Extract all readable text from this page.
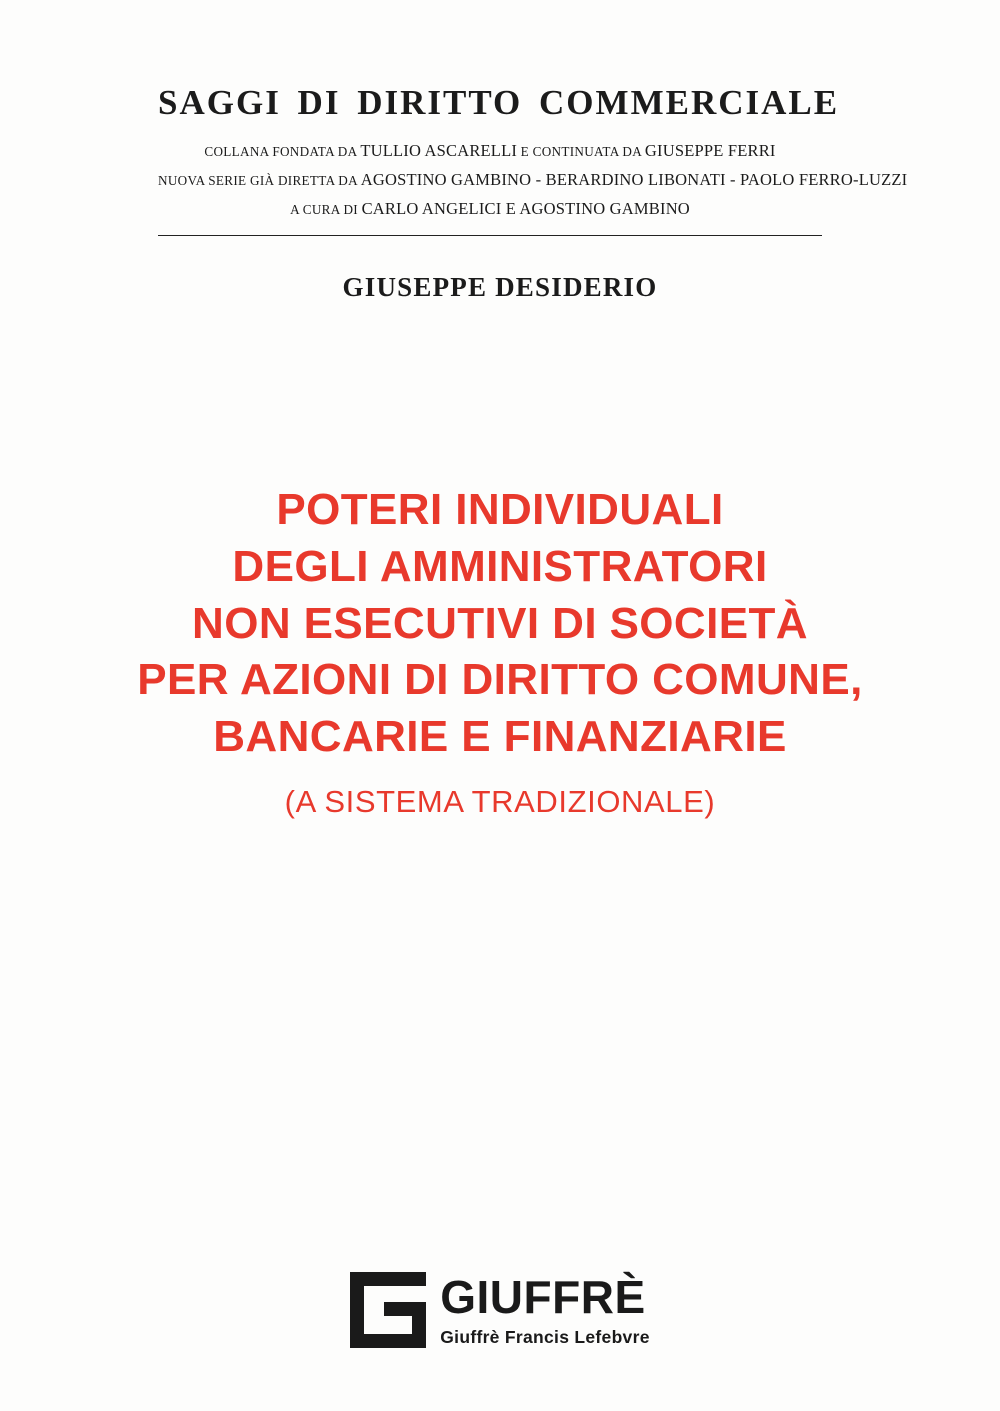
SAGGI DI DIRITTO COMMERCIALE
COLLANA FONDATA DA TULLIO ASCARELLI E CONTINUATA DA GIUSEPPE FERRI
NUOVA SERIE GIÀ DIRETTA DA AGOSTINO GAMBINO - BERARDINO LIBONATI - PAOLO FERRO-LUZZI
A CURA DI CARLO ANGELICI E AGOSTINO GAMBINO
GIUSEPPE DESIDERIO
POTERI INDIVIDUALI
DEGLI AMMINISTRATORI
NON ESECUTIVI DI SOCIETÀ
PER AZIONI DI DIRITTO COMUNE,
BANCARIE E FINANZIARIE
(A SISTEMA TRADIZIONALE)
GIUFFRÈ
Giuffrè Francis Lefebvre
